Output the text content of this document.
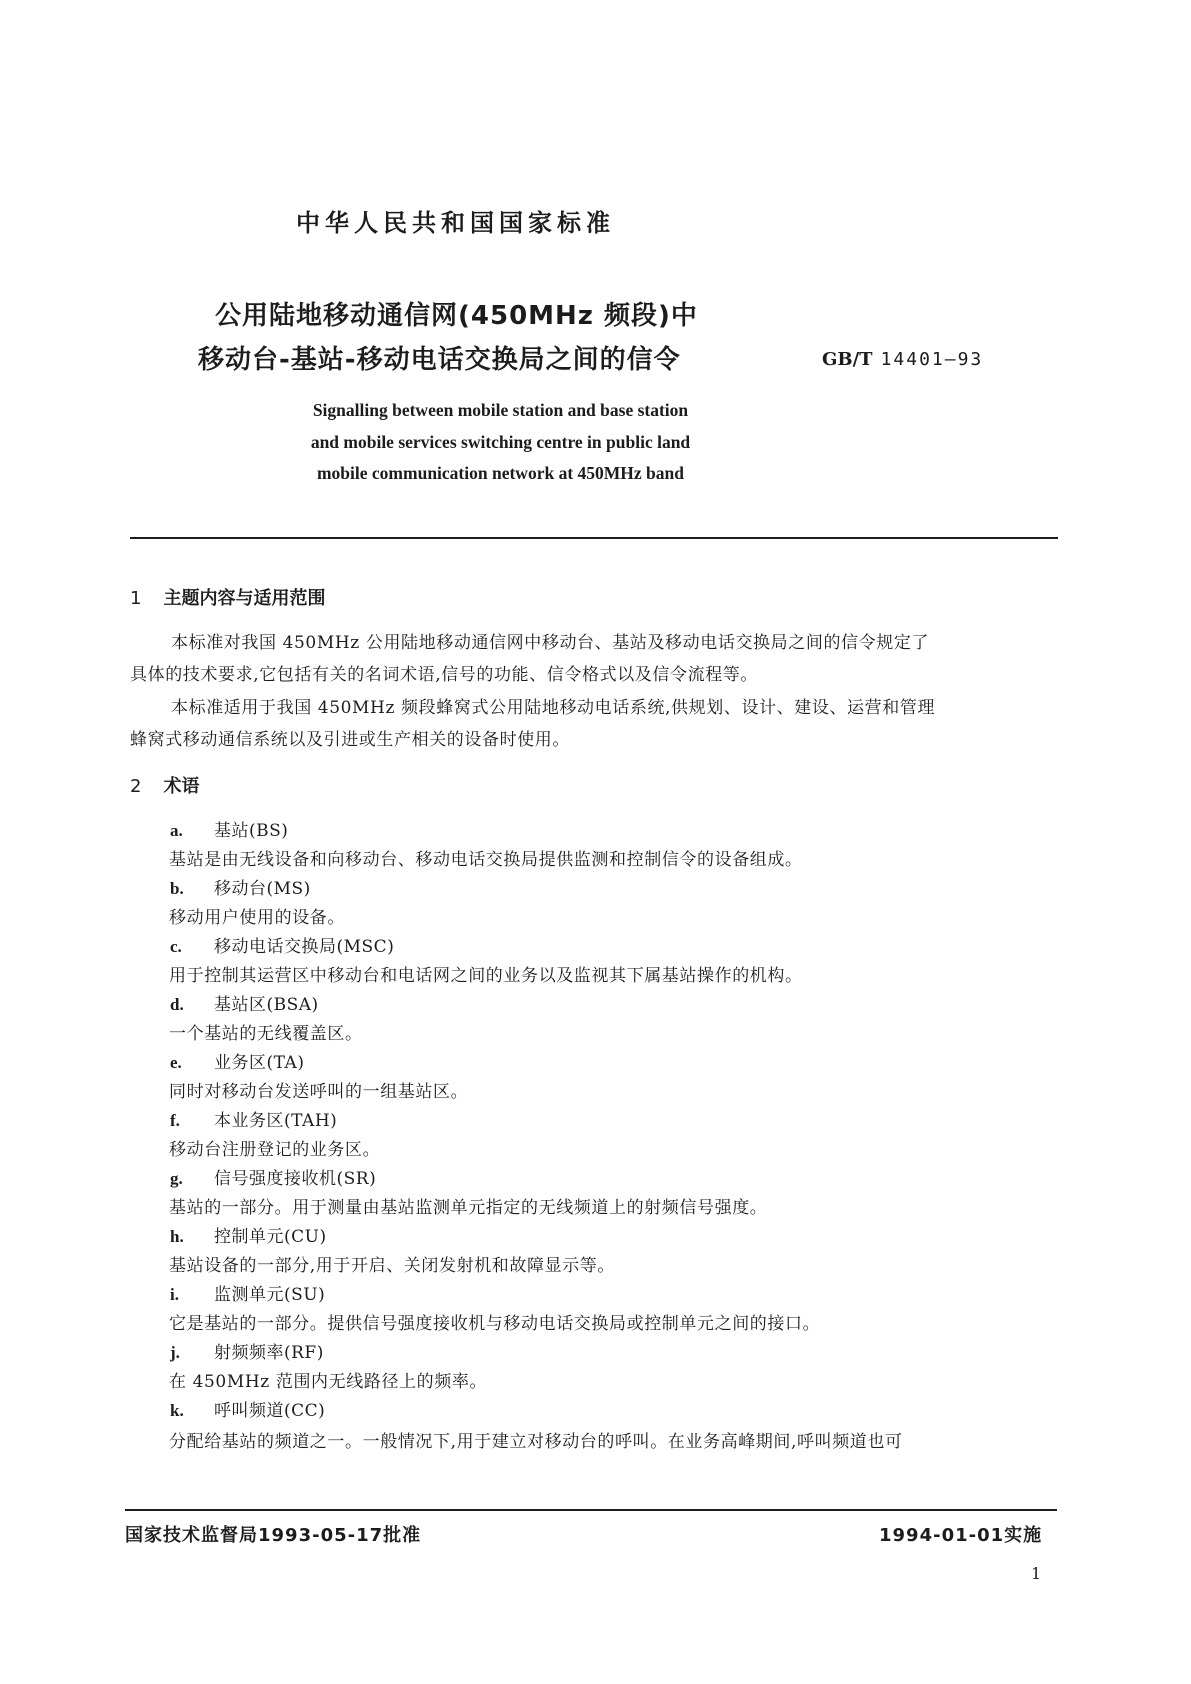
中华人民共和国国家标准
公用陆地移动通信网(450MHz 频段)中
移动台-基站-移动电话交换局之间的信令	GB/T 14401—93
Signalling between mobile station and base station
and mobile services switching centre in public land
mobile communication network at 450MHz band
1 主题内容与适用范围
本标准对我国 450MHz 公用陆地移动通信网中移动台、基站及移动电话交换局之间的信令规定了
具体的技术要求,它包括有关的名词术语,信号的功能、信令格式以及信令流程等。
本标准适用于我国 450MHz 频段蜂窝式公用陆地移动电话系统,供规划、设计、建设、运营和管理
蜂窝式移动通信系统以及引进或生产相关的设备时使用。
2 术语
a. 基站(BS)
基站是由无线设备和向移动台、移动电话交换局提供监测和控制信令的设备组成。
b. 移动台(MS)
移动用户使用的设备。
c. 移动电话交换局(MSC)
用于控制其运营区中移动台和电话网之间的业务以及监视其下属基站操作的机构。
d. 基站区(BSA)
一个基站的无线覆盖区。
e. 业务区(TA)
同时对移动台发送呼叫的一组基站区。
f. 本业务区(TAH)
移动台注册登记的业务区。
g. 信号强度接收机(SR)
基站的一部分。用于测量由基站监测单元指定的无线频道上的射频信号强度。
h. 控制单元(CU)
基站设备的一部分,用于开启、关闭发射机和故障显示等。
i. 监测单元(SU)
它是基站的一部分。提供信号强度接收机与移动电话交换局或控制单元之间的接口。
j. 射频频率(RF)
在 450MHz 范围内无线路径上的频率。
k. 呼叫频道(CC)
分配给基站的频道之一。一般情况下,用于建立对移动台的呼叫。在业务高峰期间,呼叫频道也可
国家技术监督局1993-05-17批准	1994-01-01实施
1
